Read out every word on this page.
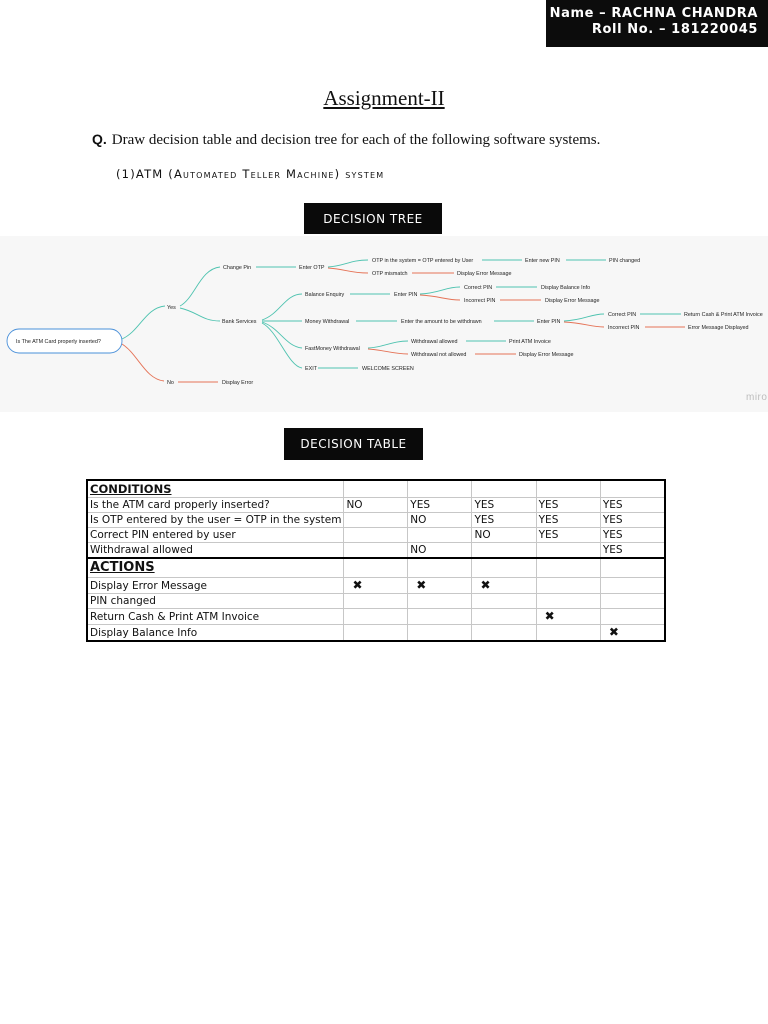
Name – RACHNA CHANDRA
Roll No. – 181220045
Assignment-II
Q. Draw decision table and decision tree for each of the following software systems.
(1)ATM (Automated Teller Machine) system
DECISION TREE
Is The ATM Card properly inserted?
Yes
No	Display Error
Change Pin	Enter OTP
OTP in the system = OTP entered by User
OTP mismatch
Enter new PIN	PIN changed
Display Error Message
Bank Services
Balance Enquiry	Enter PIN
Correct PIN
Incorrect PIN
Display Balance Info
Display Error Message
Money Withdrawal	Enter the amount to be withdrawn	Enter PIN
Correct PIN
Incorrect PIN
Return Cash & Print ATM Invoice
Error Message Displayed
FastMoney Withdrawal
Withdrawal allowed
Withdrawal not allowed
Print ATM Invoice
Display Error Message
EXIT	WELCOME SCREEN
miro
DECISION TABLE
CONDITIONS					
Is the ATM card properly inserted?	NO	YES	YES	YES	YES
Is OTP entered by the user = OTP in the system		NO	YES	YES	YES
Correct PIN entered by user			NO	YES	YES
Withdrawal allowed		NO			YES
ACTIONS					
Display Error Message	✖	✖	✖		
PIN changed					
Return Cash & Print ATM Invoice				✖	
Display Balance Info					✖
